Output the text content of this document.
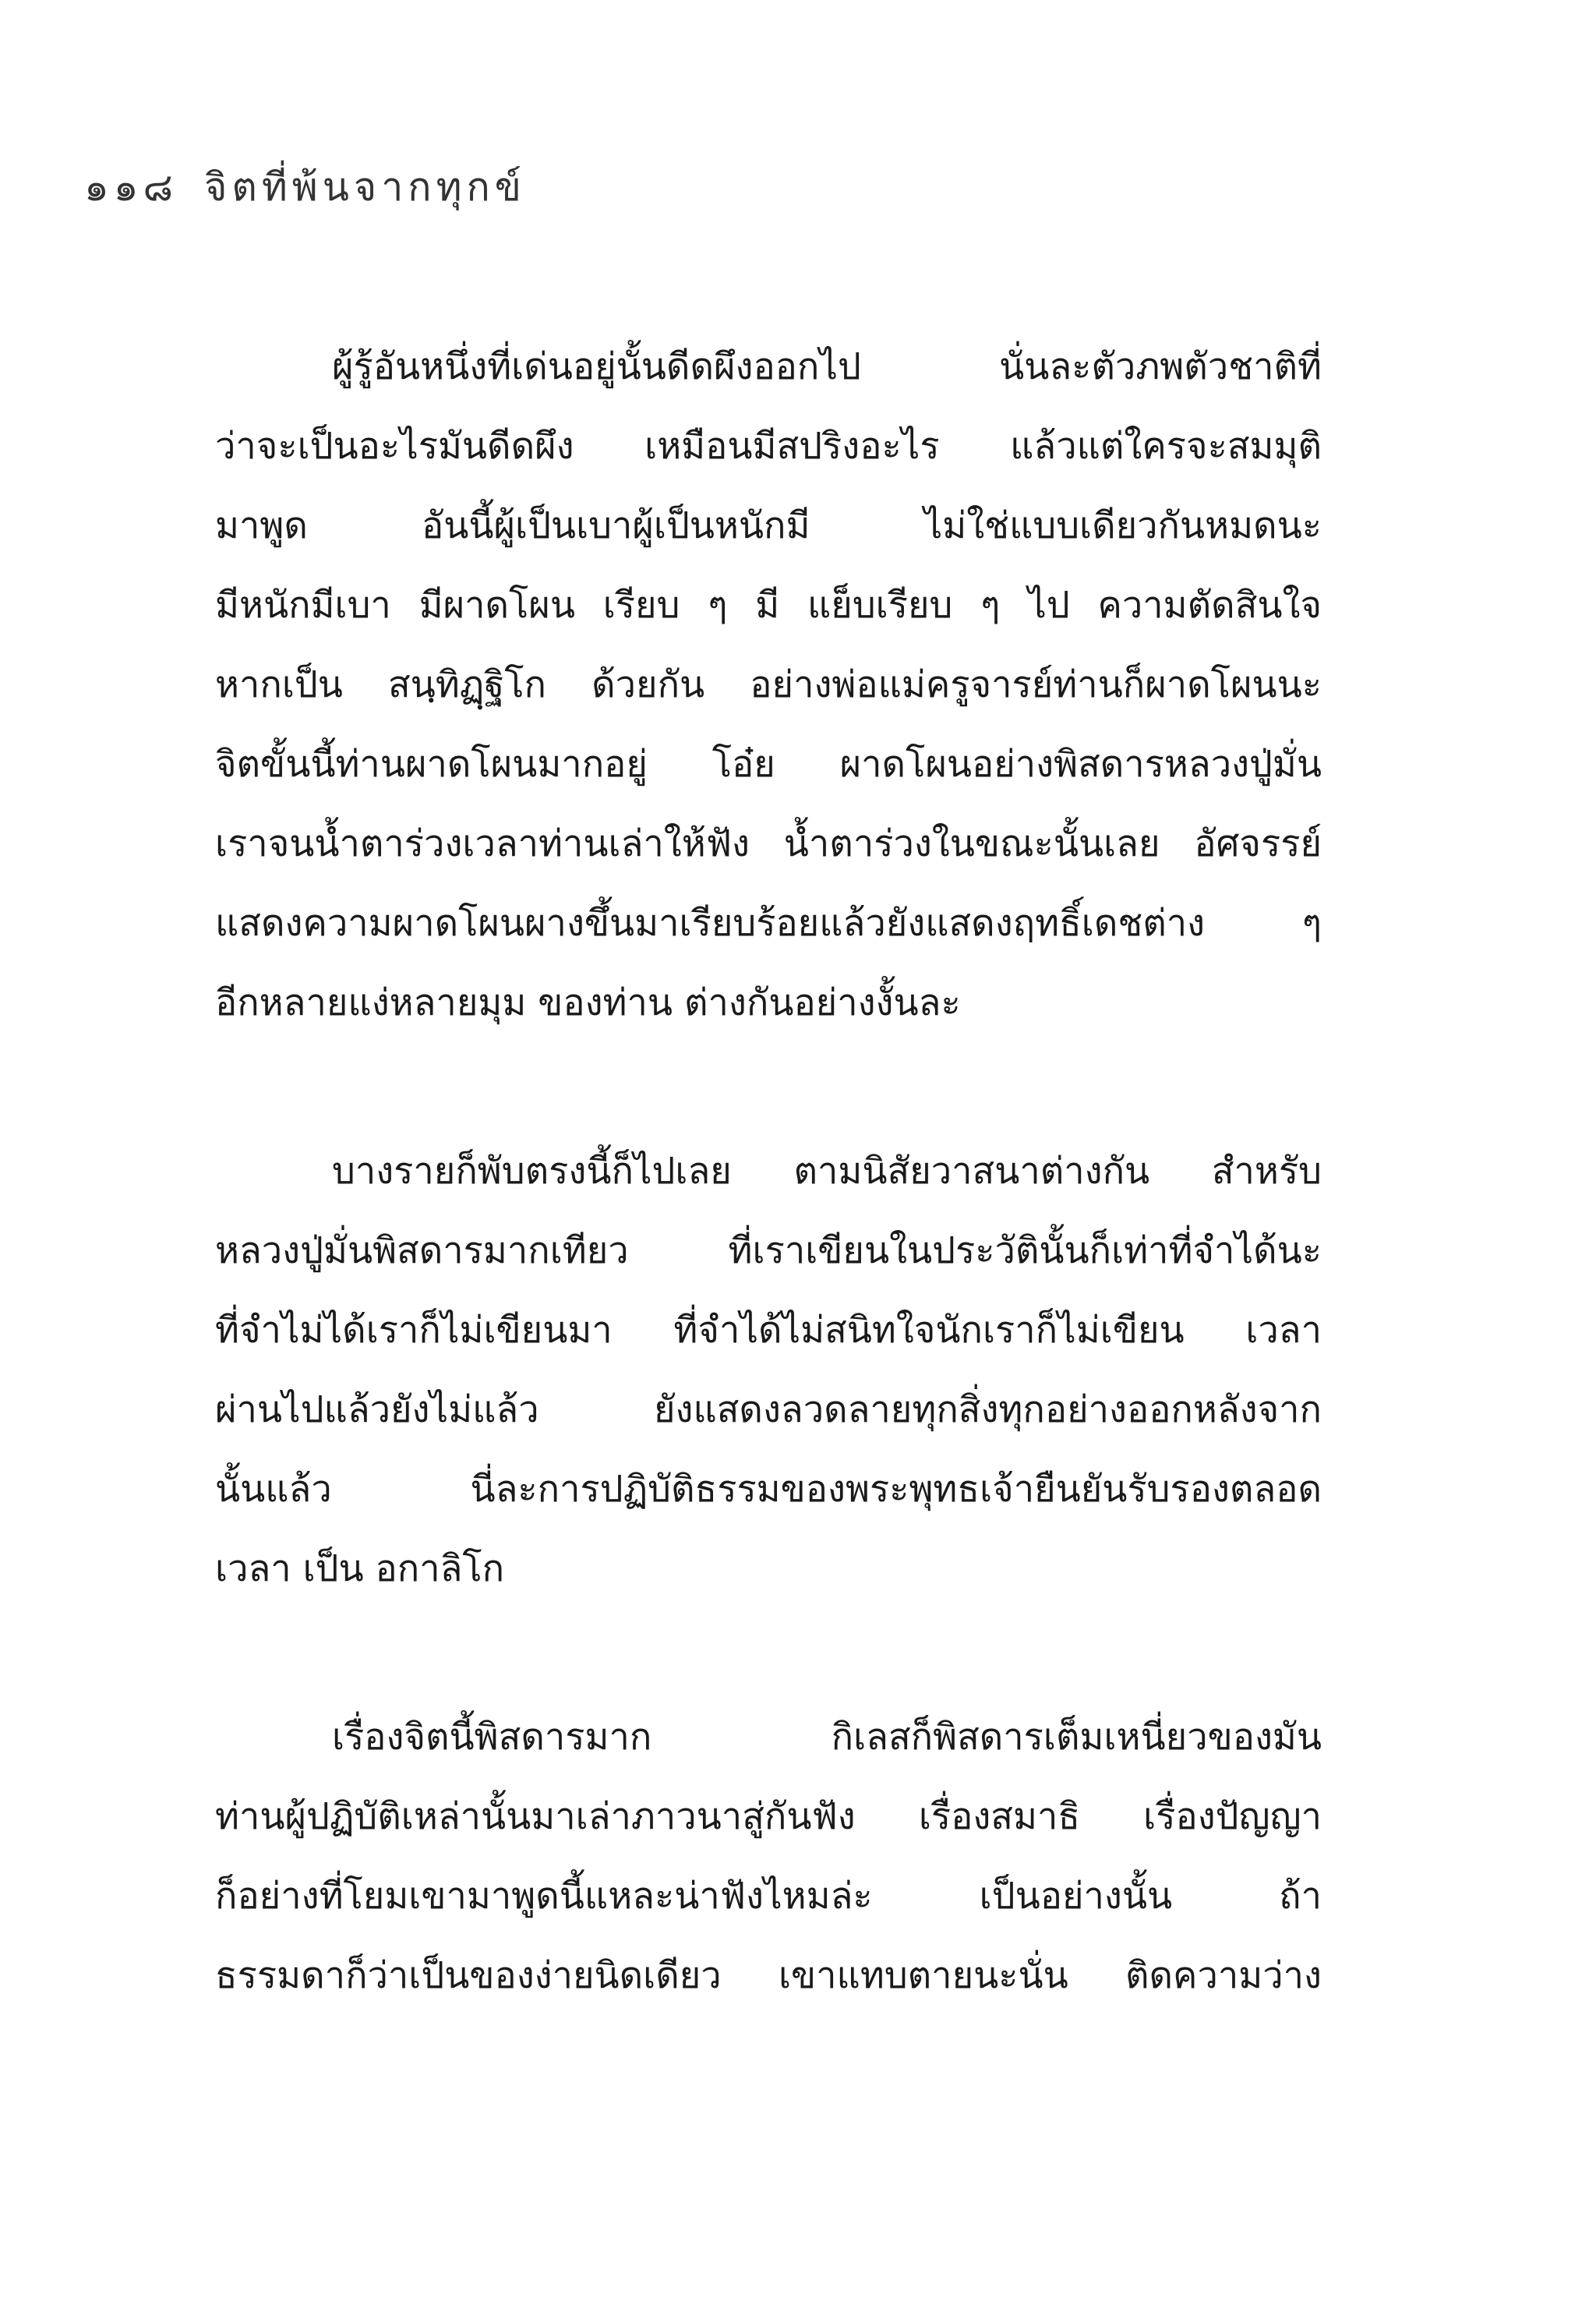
๑๑๘ จิตที่พ้นจากทุกข์
ผู้รู้อันหนึ่งที่เด่นอยู่นั้นดีดผึงออกไป นั่นละตัวภพตัวชาติที่
ว่าจะเป็นอะไรมันดีดผึง เหมือนมีสปริงอะไร แล้วแต่ใครจะสมมุติ
มาพูด อันนี้ผู้เป็นเบาผู้เป็นหนักมี ไม่ใช่แบบเดียวกันหมดนะ
มีหนักมีเบา มีผาดโผน เรียบ ๆ มี แย็บเรียบ ๆ ไป ความตัดสินใจ
หากเป็น สนฺทิฏฺฐิโก ด้วยกัน อย่างพ่อแม่ครูจารย์ท่านก็ผาดโผนนะ
จิตขั้นนี้ท่านผาดโผนมากอยู่ โอ๋ย ผาดโผนอย่างพิสดารหลวงปู่มั่น
เราจนน้ำตาร่วงเวลาท่านเล่าให้ฟัง น้ำตาร่วงในขณะนั้นเลย อัศจรรย์
แสดงความผาดโผนผางขึ้นมาเรียบร้อยแล้วยังแสดงฤทธิ์เดชต่าง ๆ
อีกหลายแง่หลายมุม ของท่าน ต่างกันอย่างงั้นละ
บางรายก็พับตรงนี้ก็ไปเลย ตามนิสัยวาสนาต่างกัน สำหรับ
หลวงปู่มั่นพิสดารมากเทียว ที่เราเขียนในประวัตินั้นก็เท่าที่จำได้นะ
ที่จำไม่ได้เราก็ไม่เขียนมา ที่จำได้ไม่สนิทใจนักเราก็ไม่เขียน เวลา
ผ่านไปแล้วยังไม่แล้ว ยังแสดงลวดลายทุกสิ่งทุกอย่างออกหลังจาก
นั้นแล้ว นี่ละการปฏิบัติธรรมของพระพุทธเจ้ายืนยันรับรองตลอด
เวลา เป็น อกาลิโก
เรื่องจิตนี้พิสดารมาก กิเลสก็พิสดารเต็มเหนี่ยวของมัน
ท่านผู้ปฏิบัติเหล่านั้นมาเล่าภาวนาสู่กันฟัง เรื่องสมาธิ เรื่องปัญญา
ก็อย่างที่โยมเขามาพูดนี้แหละน่าฟังไหมล่ะ เป็นอย่างนั้น ถ้า
ธรรมดาก็ว่าเป็นของง่ายนิดเดียว เขาแทบตายนะนั่น ติดความว่าง
